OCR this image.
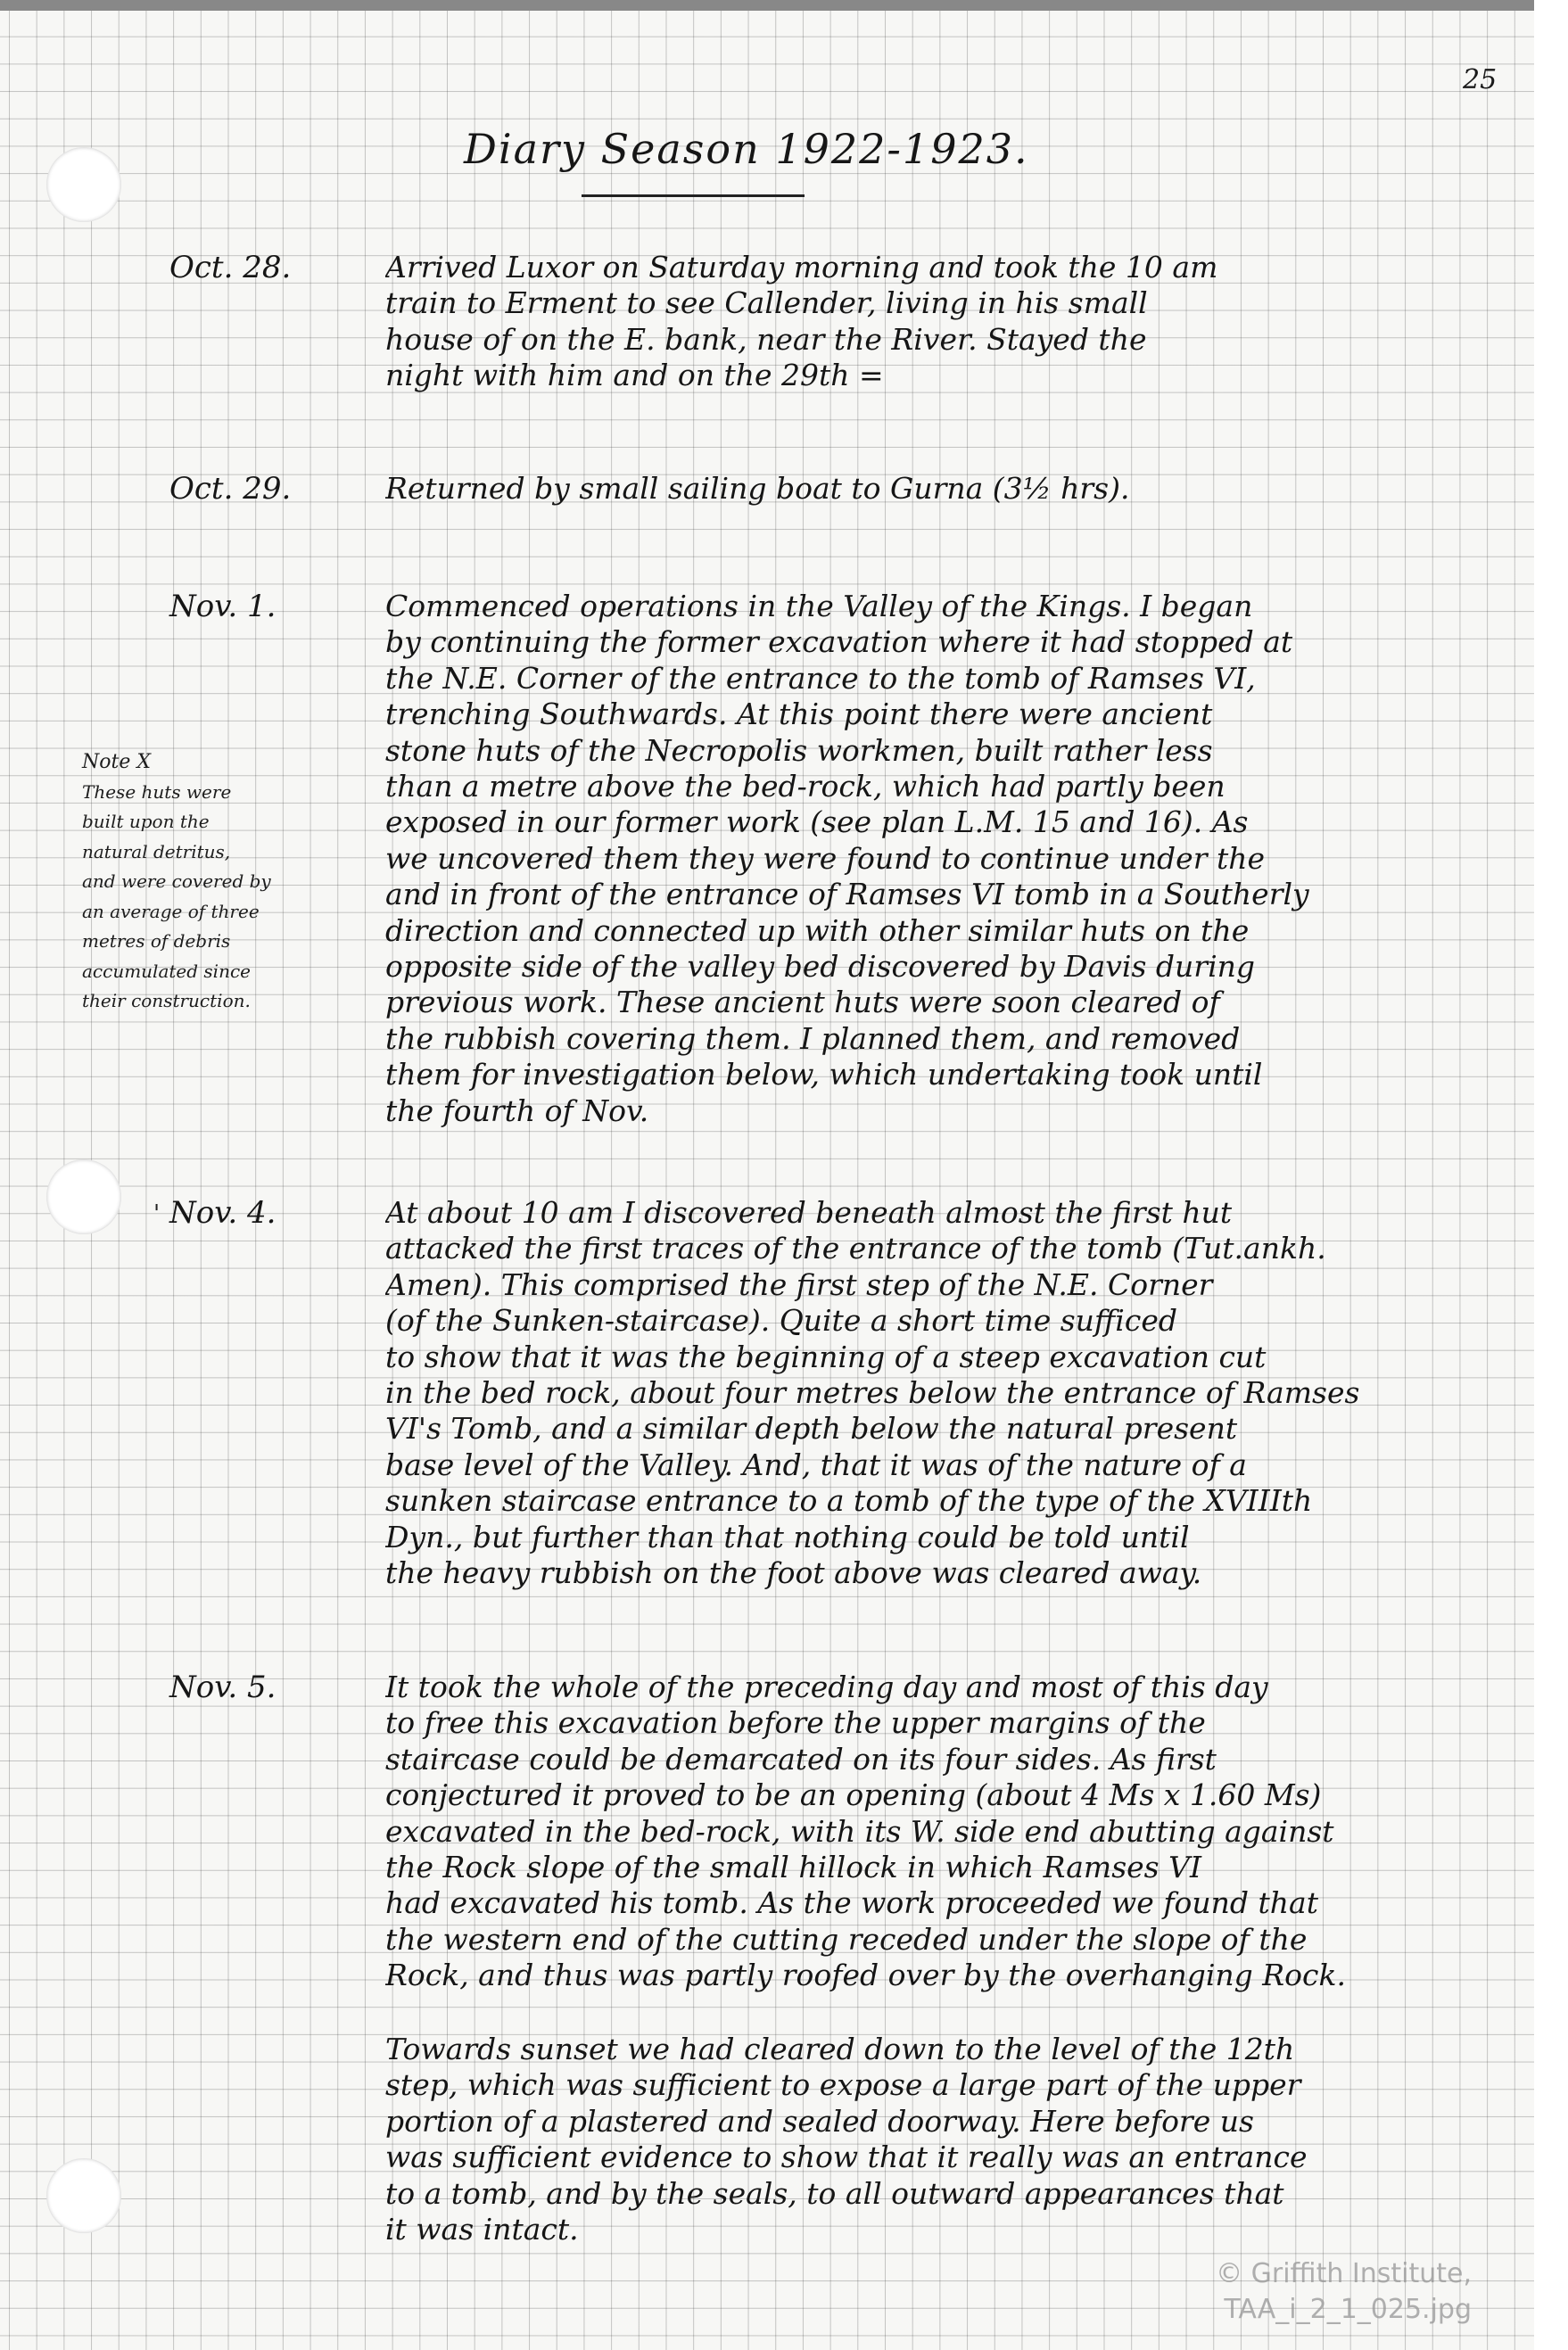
25
Diary Season 1922-1923.
Oct. 28.	Arrived Luxor on Saturday morning and took the 10 am
train to Erment to see Callender, living in his small
house of on the E. bank, near the River. Stayed the
night with him and on the 29th =
Oct. 29.	Returned by small sailing boat to Gurna (3½ hrs).
Nov. 1.	Commenced operations in the Valley of the Kings. I began
by continuing the former excavation where it had stopped at
the N.E. Corner of the entrance to the tomb of Ramses VI,
trenching Southwards. At this point there were ancient
stone huts of the Necropolis workmen, built rather less
than a metre above the bed-rock, which had partly been
exposed in our former work (see plan L.M. 15 and 16). As
we uncovered them they were found to continue under the
and in front of the entrance of Ramses VI tomb in a Southerly
direction and connected up with other similar huts on the
opposite side of the valley bed discovered by Davis during
previous work. These ancient huts were soon cleared of
the rubbish covering them. I planned them, and removed
them for investigation below, which undertaking took until
the fourth of Nov.
Note X
These huts were
built upon the
natural detritus,
and were covered by
an average of three
metres of debris
accumulated since
their construction.
' Nov. 4.	At about 10 am I discovered beneath almost the first hut
attacked the first traces of the entrance of the tomb (Tut.ankh.
Amen). This comprised the first step of the N.E. Corner
(of the Sunken-staircase). Quite a short time sufficed
to show that it was the beginning of a steep excavation cut
in the bed rock, about four metres below the entrance of Ramses
VI's Tomb, and a similar depth below the natural present
base level of the Valley. And, that it was of the nature of a
sunken staircase entrance to a tomb of the type of the XVIIIth
Dyn., but further than that nothing could be told until
the heavy rubbish on the foot above was cleared away.
Nov. 5.	It took the whole of the preceding day and most of this day
to free this excavation before the upper margins of the
staircase could be demarcated on its four sides. As first
conjectured it proved to be an opening (about 4 Ms x 1.60 Ms)
excavated in the bed-rock, with its W. side end abutting against
the Rock slope of the small hillock in which Ramses VI
had excavated his tomb. As the work proceeded we found that
the western end of the cutting receded under the slope of the
Rock, and thus was partly roofed over by the overhanging Rock.
Towards sunset we had cleared down to the level of the 12th
step, which was sufficient to expose a large part of the upper
portion of a plastered and sealed doorway. Here before us
was sufficient evidence to show that it really was an entrance
to a tomb, and by the seals, to all outward appearances that
it was intact.
© Griffith Institute,
TAA_i_2_1_025.jpg
